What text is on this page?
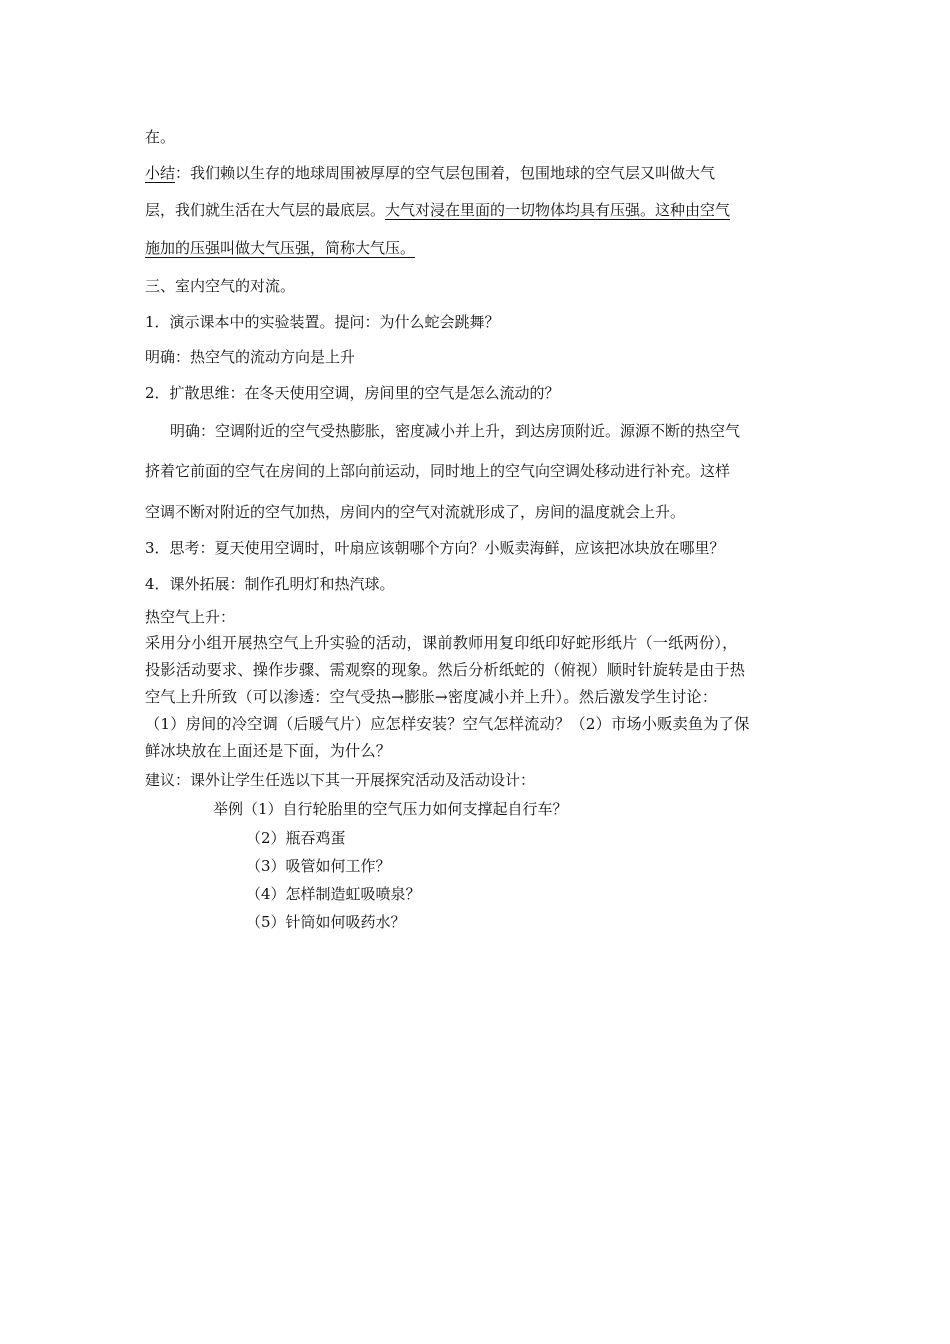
在。
小结：我们赖以生存的地球周围被厚厚的空气层包围着，包围地球的空气层又叫做大气
层，我们就生活在大气层的最底层。大气对浸在里面的一切物体均具有压强。这种由空气
施加的压强叫做大气压强，简称大气压。
三、室内空气的对流。
1．演示课本中的实验装置。提问：为什么蛇会跳舞？
明确：热空气的流动方向是上升
2．扩散思维：在冬天使用空调，房间里的空气是怎么流动的？
明确：空调附近的空气受热膨胀，密度减小并上升，到达房顶附近。源源不断的热空气
挤着它前面的空气在房间的上部向前运动，同时地上的空气向空调处移动进行补充。这样
空调不断对附近的空气加热，房间内的空气对流就形成了，房间的温度就会上升。
3．思考：夏天使用空调时，叶扇应该朝哪个方向？小贩卖海鲜，应该把冰块放在哪里？
4．课外拓展：制作孔明灯和热汽球。
热空气上升：
采用分小组开展热空气上升实验的活动，课前教师用复印纸印好蛇形纸片（一纸两份），
投影活动要求、操作步骤、需观察的现象。然后分析纸蛇的（俯视）顺时针旋转是由于热
空气上升所致（可以渗透：空气受热→膨胀→密度减小并上升）。然后激发学生讨论：
（1）房间的冷空调（后暖气片）应怎样安装？空气怎样流动？（2）市场小贩卖鱼为了保
鲜冰块放在上面还是下面，为什么？
建议：课外让学生任选以下其一开展探究活动及活动设计：
举例（1）自行轮胎里的空气压力如何支撑起自行车？
（2）瓶吞鸡蛋
（3）吸管如何工作？
（4）怎样制造虹吸喷泉？
（5）针筒如何吸药水？
